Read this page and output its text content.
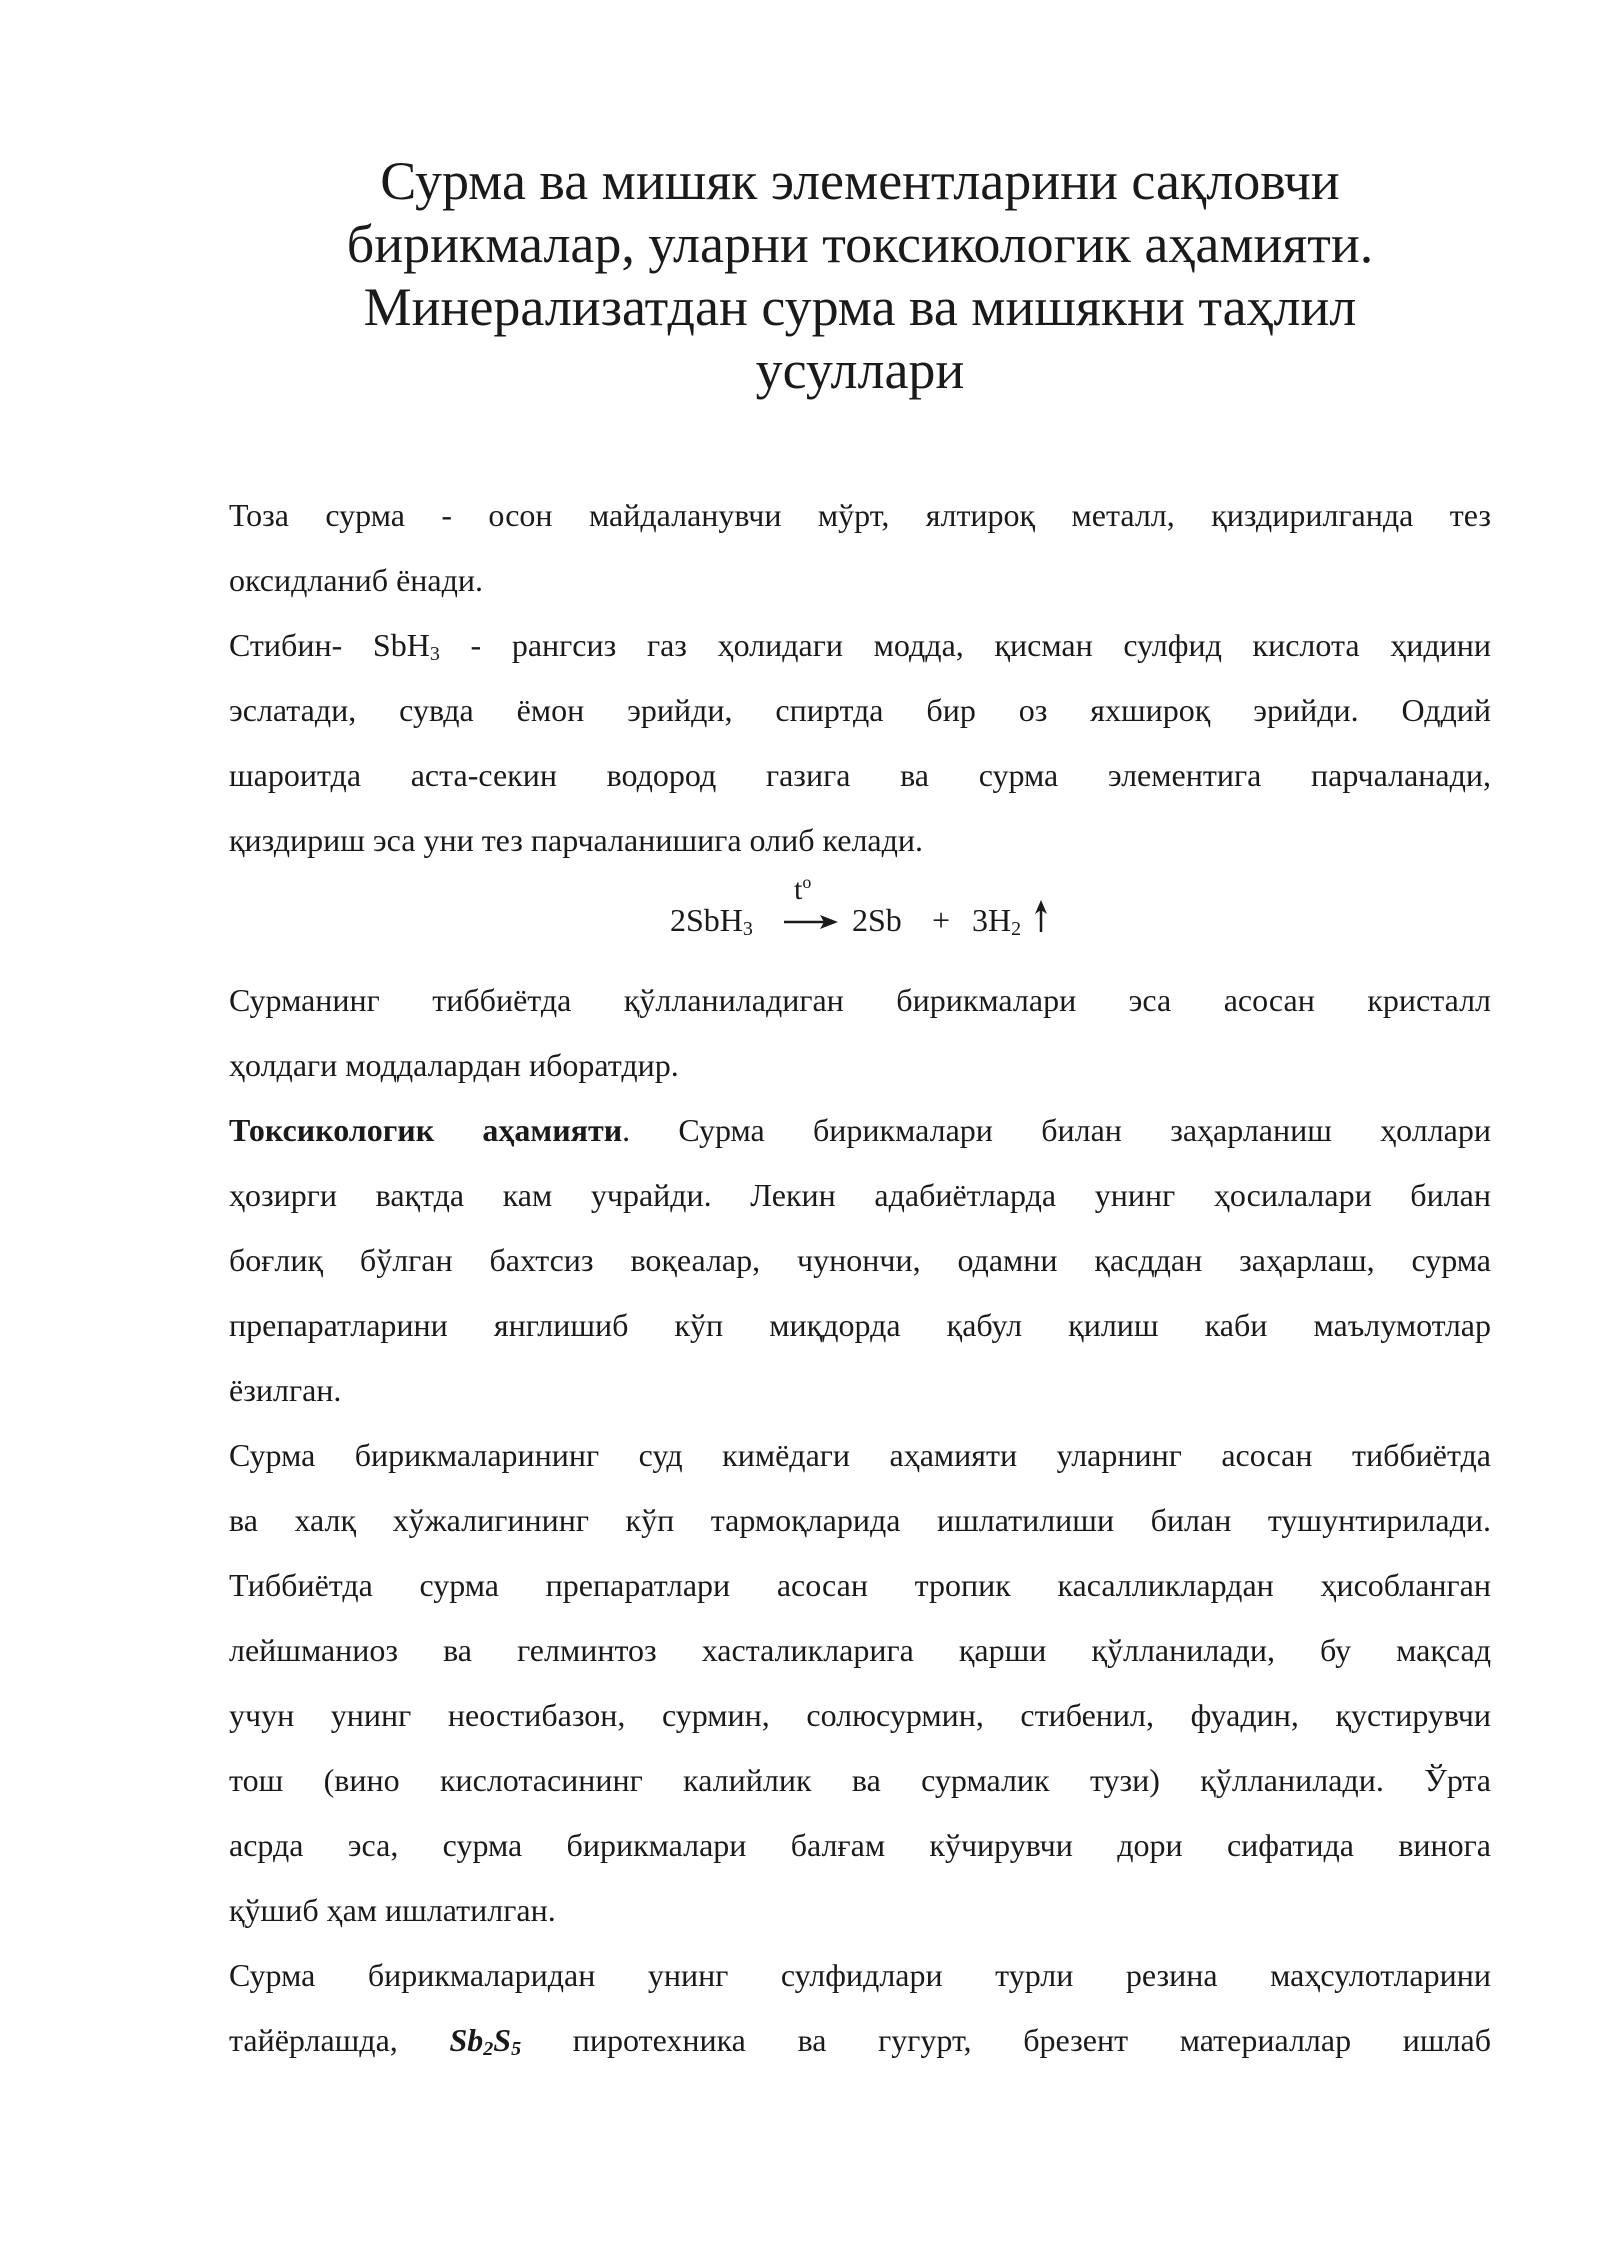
Сурма ва мишяк элементларини сақловчи
бирикмалар, уларни токсикологик аҳамияти.
Минерализатдан сурма ва мишякни таҳлил
усуллари
Тоза сурма - осон майдаланувчи мўрт, ялтироқ металл, қиздирилганда тез
оксидланиб ёнади.
Стибин- SbH$_3$ - рангсиз газ ҳолидаги модда, қисман сулфид кислота ҳидини
эслатади, сувда ёмон эрийди, спиртда бир оз яхшироқ эрийди. Оддий
шароитда аста-секин водород газига ва сурма элементига парчаланади,
қиздириш эса уни тез парчаланишига олиб келади.
2SbH$_3$
$t^o$
→ $2Sb + 3H_2$
Сурманинг тиббиётда қўлланиладиган бирикмалари эса асосан кристалл
ҳолдаги моддалардан иборатдир.
Токсикологик аҳамияти. Сурма бирикмалари билан заҳарланиш ҳоллари
ҳозирги вақтда кам учрайди. Лекин адабиётларда унинг ҳосилалари билан
боғлиқ бўлган бахтсиз воқеалар, чунончи, одамни қасддан заҳарлаш, сурма
препаратларини янглишиб кўп миқдорда қабул қилиш каби маълумотлар
ёзилган.
Сурма бирикмаларининг суд кимёдаги аҳамияти уларнинг асосан тиббиётда
ва халқ хўжалигининг кўп тармоқларида ишлатилиши билан тушунтирилади.
Тиббиётда сурма препаратлари асосан тропик касалликлардан ҳисобланган
лейшманиоз ва гелминтоз хасталикларига қарши қўлланилади, бу мақсад
учун унинг неостибазон, сурмин, солюсурмин, стибенил, фуадин, қустирувчи
тош (вино кислотасининг калийлик ва сурмалик тузи) қўлланилади. Ўрта
асрда эса, сурма бирикмалари балғам кўчирувчи дори сифатида винога
қўшиб ҳам ишлатилган.
Сурма бирикмаларидан унинг сулфидлари турли резина маҳсулотларини
тайёрлашда, $Sb_2S_5$ пиротехника ва гугурт, брезент материаллар ишлаб
